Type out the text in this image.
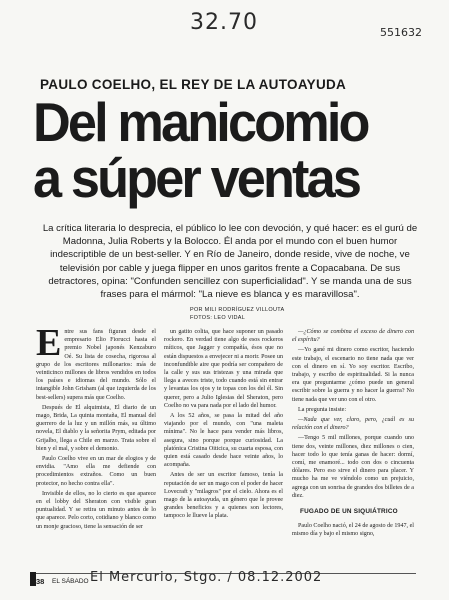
32.70	551632
PAULO COELHO, EL REY DE LA AUTOAYUDA
Del manicomio
a súper ventas
La crítica literaria lo desprecia, el público lo lee con devoción, y qué hacer: es el gurú de Madonna, Julia Roberts y la Bolocco. Él anda por el mundo con el buen humor indescriptible de un best-seller. Y en Río de Janeiro, donde reside, vive de noche, ve televisión por cable y juega flipper en unos garitos frente a Copacabana. De sus detractores, opina: "Confunden sencillez con superficialidad". Y se manda una de sus frases para el mármol: "La nieve es blanca y es maravillosa".
POR MILI RODRÍGUEZ VILLOUTA
FOTOS: LEO VIDAL

Entre sus fans figuran desde el empresario Elio Fiorucci hasta el premio Nobel japonés Kenzaburo Oé. Su lista de cosecha, rigorosa al grupo de los escritores millonarios: más de veinticinco millones de libros vendidos en todos los países e idiomas del mundo. Sólo el intangible John Grisham (al que izquierda de los best-sellers) supera más que Coelho.

Después de El alquimista, El diario de un mago, Brida, La quinta montaña, El manual del guerrero de la luz y un millón más, su último novela, El diablo y la señorita Prym, editada por Grijalbo, llega a Chile en marzo. Trata sobre el bien y el mal, y sobre el demonio.

Paulo Coelho vive en un mar de elogios y de envidia. "Amo ella me defiende con procedimientos extraños. Como un buen protector, no hecho contra ella".

Invisible de ellos, no lo cierto es que aparece en el lobby del Sheraton con visible gran puntualidad. Y se retira un minuto antes de lo que aparece. Pelo corto, cotidiano y blanco como un monje gracioso, tiene la sensación de ser

un gatito colita, que hace suponer un pasado rockero. En verdad tiene algo de esos rockeros míticos, que Jagger y compañía, ésos que no están dispuestos a envejecer ni a morir. Posee un inconfundible aire que podría ser compañero de la calle y sus sus tristezas y una mirada que llega a aveces triste, todo cuando está sin entrar y levantas los ojos y te topas con los del él. Sin querer, pero a Julio Iglesias del Sheraton, pero Coelho no va para nada por el lado del humor.

A los 52 años, se pasa la mitad del año viajando por el mundo, con "una maleta mínima". No le hace para vender más libros, asegura, sino porque porque curiosidad. La platónica Cristina Oiticica, su cuarta esposa, con quien está casado desde hace veinte años, lo acompaña.

Antes de ser un escritor famoso, tenía la reputación de ser un mago con el poder de hacer Lovecraft y "milagros" por el cielo. Ahora es el mago de la autoayuda, un género que le provee grandes beneficios y a quienes son lectores, tampoco le llueve la plata.

—¿Cómo se combina el exceso de dinero con el espíritu?

—Yo gané mi dinero como escritor, haciendo este trabajo, el escenario no tiene nada que ver con el dinero en sí. Yo soy escritor. Escribo, trabajo, y escribo de espiritualidad. Si la nunca era que preguntarme ¿cómo puede un general escribir sobre la guerra y no hacer la guerra? No tiene nada que ver uno con el otro.

La pregunta insiste:

—Nada que ver, claro, pero, ¿cuál es su relación con el dinero?

—Tengo 5 mil millones, porque cuando uno tiene dos, veinte millones, diez millones o cien, hacer todo lo que tenía ganas de hacer: dormí, comí, me enamoré... todo con dos o cincuenta dólares. Pero eso sirve el dinero para placer. Y mucho ha me ve viéndolo como un prejuicio, agrega con un sonrisa de grandes dos billetes de a diez.

FUGADO DE UN SIQUIÁTRICO

Paulo Coelho nació, el 24 de agosto de 1947, el mismo día y bajo el mismo signo,

38 EL SÁBADO El Mercurio, Stgo. / 08.12.2002
